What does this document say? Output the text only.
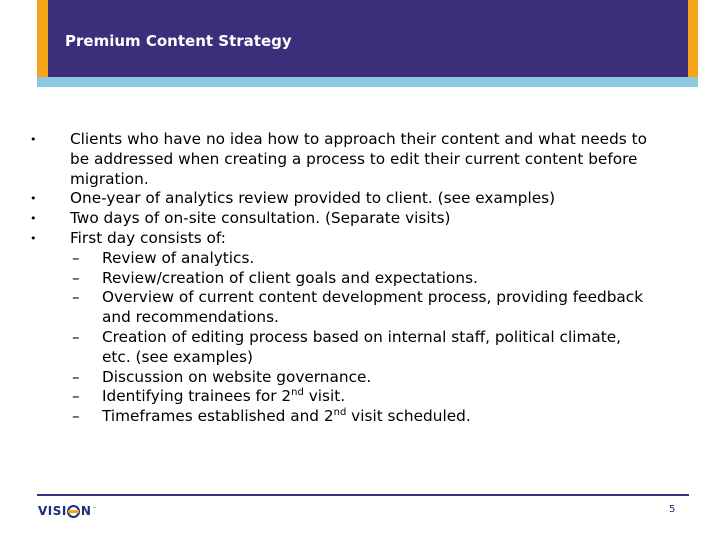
Premium Content Strategy
• Clients who have no idea how to approach their content and what needs to be addressed when creating a process to edit their current content before migration.
• One-year of analytics review provided to client. (see examples)
• Two days of on-site consultation. (Separate visits)
• First day consists of:
– Review of analytics.
– Review/creation of client goals and expectations.
– Overview of current content development process, providing feedback and recommendations.
– Creation of editing process based on internal staff, political climate, etc. (see examples)
– Discussion on website governance.
– Identifying trainees for 2nd visit.
– Timeframes established and 2nd visit scheduled.
VISI N ™	5
